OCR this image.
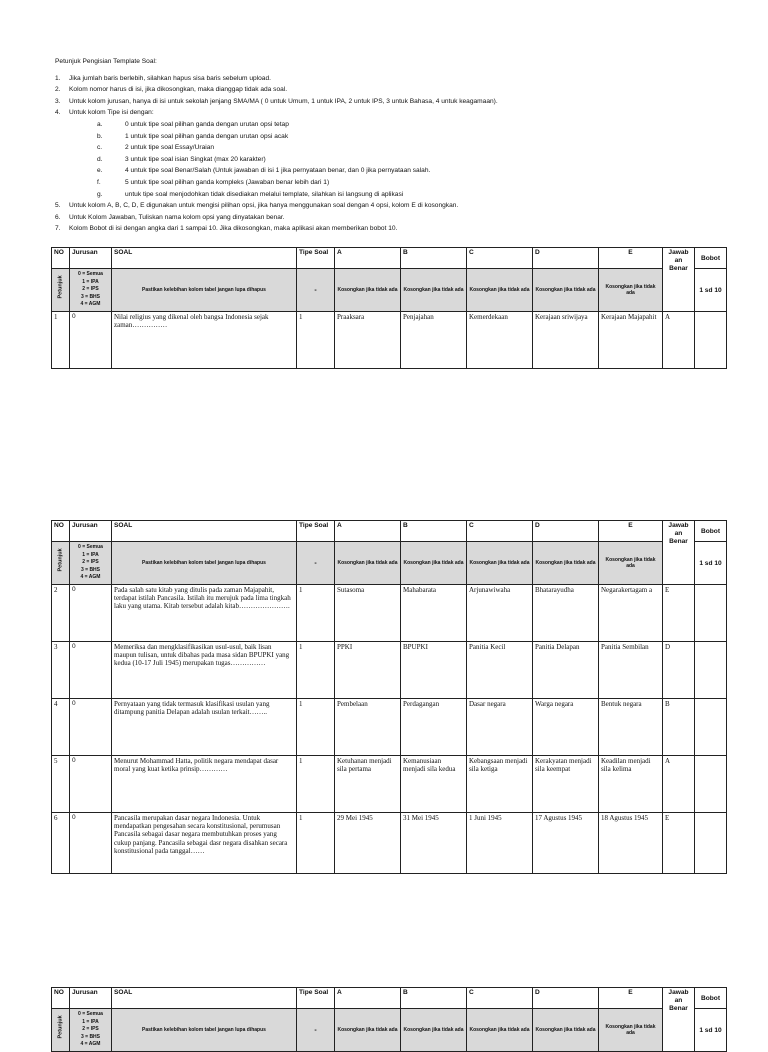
Petunjuk Pengisian Template Soal:
1. Jika jumlah baris berlebih, silahkan hapus sisa baris sebelum upload.
2. Kolom nomor harus di isi, jika dikosongkan, maka dianggap tidak ada soal.
3. Untuk kolom jurusan, hanya di isi untuk sekolah jenjang SMA/MA ( 0 untuk Umum, 1 untuk IPA, 2 untuk IPS, 3 untuk Bahasa, 4 untuk keagamaan).
4. Untuk kolom Tipe isi dengan:
a.	0 untuk tipe soal pilihan ganda dengan urutan opsi tetap
b.	1 untuk tipe soal pilihan ganda dengan urutan opsi acak
c.	2 untuk tipe soal Essay/Uraian
d.	3 untuk tipe soal isian Singkat (max 20 karakter)
e.	4 untuk tipe soal Benar/Salah (Untuk jawaban di isi 1 jika pernyataan benar, dan 0 jika pernyataan salah.
f.	5 untuk tipe soal pilihan ganda kompleks (Jawaban benar lebih dari 1)
g.	untuk tipe soal menjodohkan tidak disediakan melalui template, silahkan isi langsung di aplikasi
5. Untuk kolom A, B, C, D, E digunakan untuk mengisi pilihan opsi, jika hanya menggunakan soal dengan 4 opsi, kolom E di kosongkan.
6. Untuk Kolom Jawaban, Tuliskan nama kolom opsi yang dinyatakan benar.
7. Kolom Bobot di isi dengan angka dari 1 sampai 10. Jika dikosongkan, maka aplikasi akan memberikan bobot 10.
NO	Jurusan	SOAL	Tipe Soal	A	B	C	D	E	Jawab an Benar	Bobot

Petunjuk	0 = Semua
1 = IPA
2 = IPS
3 = BHS
4 = AGM	Pastikan kelebihan kolom tabel jangan lupa dihapus	-	Kosongkan jika tidak ada	Kosongkan jika tidak ada	Kosongkan jika tidak ada	Kosongkan jika tidak ada	Kosongkan jika tidak ada		1 sd 10
1	0	Nilai religius yang dikenal oleh bangsa Indonesia sejak zaman……………	1	Praaksara	Penjajahan	Kemerdekaan	Kerajaan sriwijaya	Kerajaan Majapahit	A	
NO	Jurusan	SOAL	Tipe Soal	A	B	C	D	E	Jawab an Benar	Bobot

Petunjuk	0 = Semua
1 = IPA
2 = IPS
3 = BHS
4 = AGM	Pastikan kelebihan kolom tabel jangan lupa dihapus	-	Kosongkan jika tidak ada	Kosongkan jika tidak ada	Kosongkan jika tidak ada	Kosongkan jika tidak ada	Kosongkan jika tidak ada		1 sd 10
2	0	Pada salah satu kitab yang ditulis pada zaman Majapahit, terdapat istilah Pancasila. Istilah itu merujuk pada lima tingkah laku yang utama. Kitab tersebut adalah kitab………………….	1	Sutasoma	Mahabarata	Arjunawiwaha	Bhatarayudha	Negarakertagam a	E	
3	0	Memeriksa dan mengklasifikasikan usul-usul, baik lisan maupun tulisan, untuk dibahas pada masa sidan BPUPKI yang kedua (10-17 Juli 1945) merupakan tugas……………	1	PPKI	BPUPKI	Panitia Kecil	Panitia Delapan	Panitia Sembilan	D	
4	0	Pernyataan yang tidak termasuk klasifikasi usulan yang ditampung panitia Delapan adalah usulan terkait……..	1	Pembelaan	Perdagangan	Dasar negara	Warga negara	Bentuk negara	B	
5	0	Menurut Mohammad Hatta, politik negara mendapat dasar moral yang kuat ketika prinsip…………	1	Ketuhanan menjadi sila pertama	Kemanusiaan menjadi sila kedua	Kebangsaan menjadi sila ketiga	Kerakyatan menjadi sila keempat	Keadilan menjadi sila kelima	A	
6	0	Pancasila merupakan dasar negara Indonesia. Untuk mendapatkan pengesahan secara konstitusional, perumusan Pancasila sebagai dasar negara membutuhkan proses yang cukup panjang. Pancasila sebagai dasr negara disahkan secara konstitusional pada tanggal……	1	29 Mei 1945	31 Mei 1945	1 Juni 1945	17 Agustus 1945	18 Agustus 1945	E	
NO	Jurusan	SOAL	Tipe Soal	A	B	C	D	E	Jawab an Benar	Bobot

Petunjuk	0 = Semua
1 = IPA
2 = IPS
3 = BHS
4 = AGM	Pastikan kelebihan kolom tabel jangan lupa dihapus	-	Kosongkan jika tidak ada	Kosongkan jika tidak ada	Kosongkan jika tidak ada	Kosongkan jika tidak ada	Kosongkan jika tidak ada		1 sd 10
